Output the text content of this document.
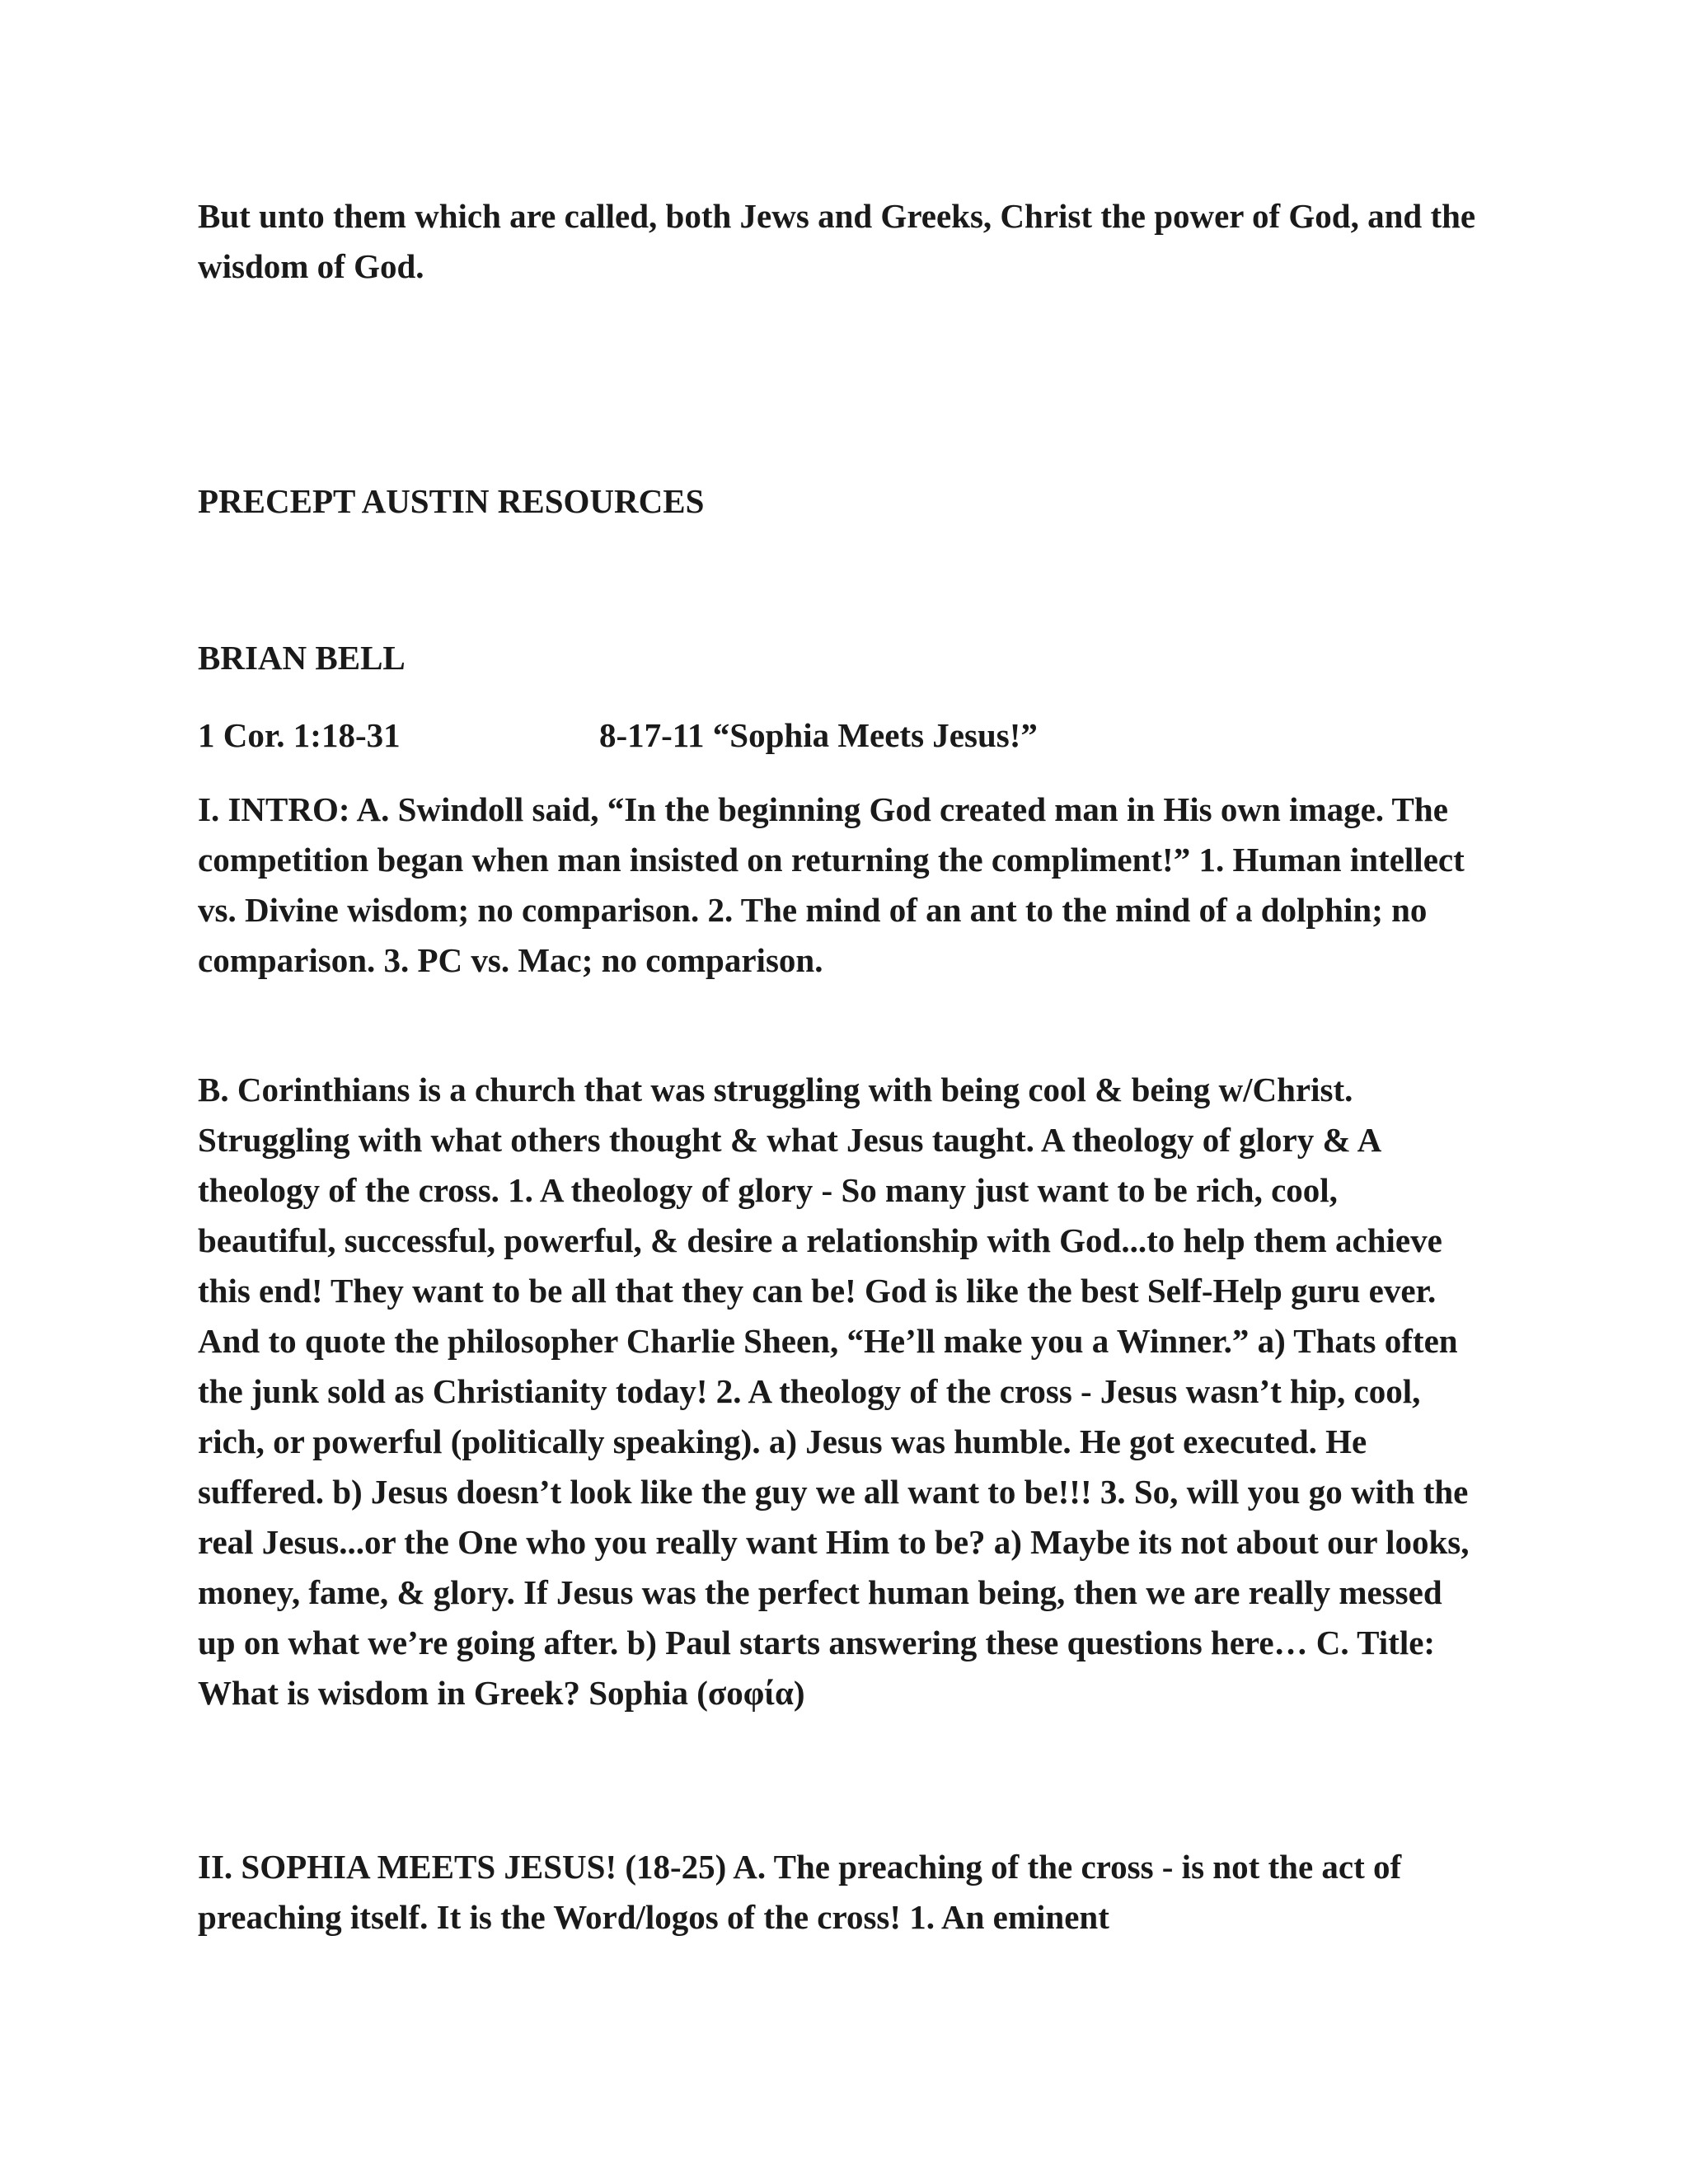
But unto them which are called, both Jews and Greeks, Christ the power of God, and the wisdom of God.

PRECEPT AUSTIN RESOURCES

BRIAN BELL

1 Cor. 1:18-31	8-17-11 “Sophia Meets Jesus!”

I. INTRO: A. Swindoll said, “In the beginning God created man in His own image. The competition began when man insisted on returning the compliment!” 1. Human intellect vs. Divine wisdom; no comparison. 2. The mind of an ant to the mind of a dolphin; no comparison. 3. PC vs. Mac; no comparison.

B. Corinthians is a church that was struggling with being cool & being w/Christ. Struggling with what others thought & what Jesus taught. A theology of glory & A theology of the cross. 1. A theology of glory - So many just want to be rich, cool, beautiful, successful, powerful, & desire a relationship with God...to help them achieve this end! They want to be all that they can be! God is like the best Self-Help guru ever. And to quote the philosopher Charlie Sheen, “He’ll make you a Winner.” a) Thats often the junk sold as Christianity today! 2. A theology of the cross - Jesus wasn’t hip, cool, rich, or powerful (politically speaking). a) Jesus was humble. He got executed. He suffered. b) Jesus doesn’t look like the guy we all want to be!!! 3. So, will you go with the real Jesus...or the One who you really want Him to be? a) Maybe its not about our looks, money, fame, & glory. If Jesus was the perfect human being, then we are really messed up on what we’re going after. b) Paul starts answering these questions here… C. Title: What is wisdom in Greek? Sophia (σοφία)

II. SOPHIA MEETS JESUS! (18-25) A. The preaching of the cross - is not the act of preaching itself. It is the Word/logos of the cross! 1. An eminent
